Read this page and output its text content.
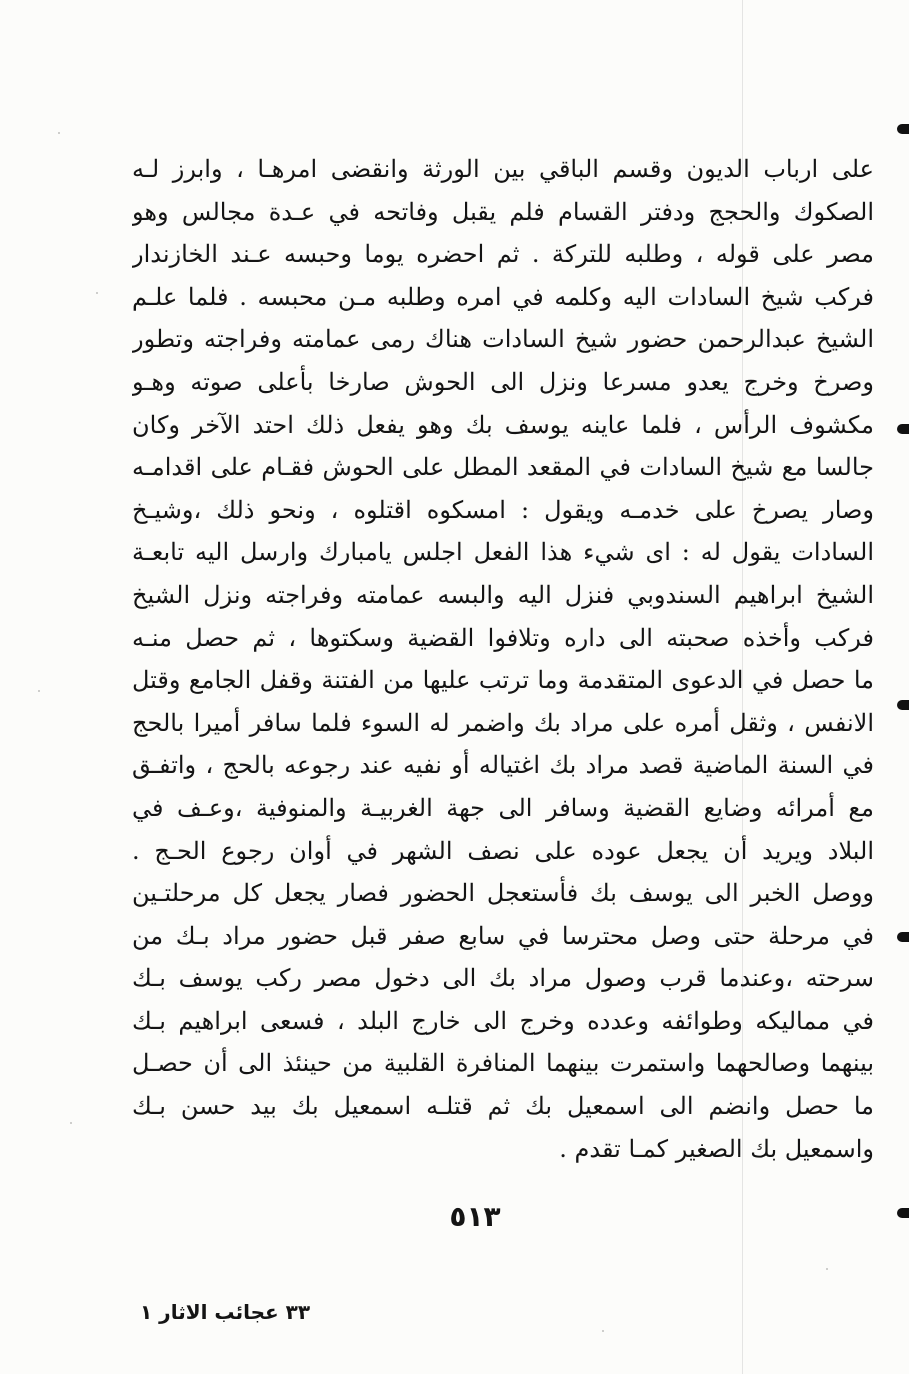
على ارباب الديون وقسم الباقي بين الورثة وانقضى امرهـا ، وابرز لـه
الصكوك والحجج ودفتر القسام فلم يقبل وفاتحه في عـدة مجالس وهو
مصر على قوله ، وطلبه للتركة . ثم احضره يوما وحبسه عـند الخازندار
فركب شيخ السادات اليه وكلمه في امره وطلبه مـن محبسه . فلما علـم
الشيخ عبدالرحمن حضور شيخ السادات هناك رمى عمامته وفراجته وتطور
وصرخ وخرج يعدو مسرعا ونزل الى الحوش صارخا بأعلى صوته وهـو
مكشوف الرأس ، فلما عاينه يوسف بك وهو يفعل ذلك احتد الآخر وكان
جالسا مع شيخ السادات في المقعد المطل على الحوش فقـام على اقدامـه
وصار يصرخ على خدمـه ويقول : امسكوه اقتلوه ، ونحو ذلك ،وشيـخ
السادات يقول له : اى شيء هذا الفعل اجلس يامبارك وارسل اليه تابعـة
الشيخ ابراهيم السندوبي فنزل اليه والبسه عمامته وفراجته ونزل الشيخ
فركب وأخذه صحبته الى داره وتلافوا القضية وسكتوها ، ثم حصل منـه
ما حصل في الدعوى المتقدمة وما ترتب عليها من الفتنة وقفل الجامع وقتل
الانفس ، وثقل أمره على مراد بك واضمر له السوء فلما سافر أميرا بالحج
في السنة الماضية قصد مراد بك اغتياله أو نفيه عند رجوعه بالحج ، واتفـق
مع أمرائه وضايع القضية وسافر الى جهة الغربيـة والمنوفية ،وعـف في
البلاد ويريد أن يجعل عوده على نصف الشهر في أوان رجوع الحـج .
ووصل الخبر الى يوسف بك فأستعجل الحضور فصار يجعل كل مرحلتـين
في مرحلة حتى وصل محترسا في سابع صفر قبل حضور مراد بـك من
سرحته ،وعندما قرب وصول مراد بك الى دخول مصر ركب يوسف بـك
في مماليكه وطوائفه وعدده وخرج الى خارج البلد ، فسعى ابراهيم بـك
بينهما وصالحهما واستمرت بينهما المنافرة القلبية من حينئذ الى أن حصـل
ما حصل وانضم الى اسمعيل بك ثم قتلـه اسمعيل بك بيد حسن بـك
واسمعيل بك الصغير كمـا تقدم .
٥١٣
٣٣ عجائب الاثار ١
